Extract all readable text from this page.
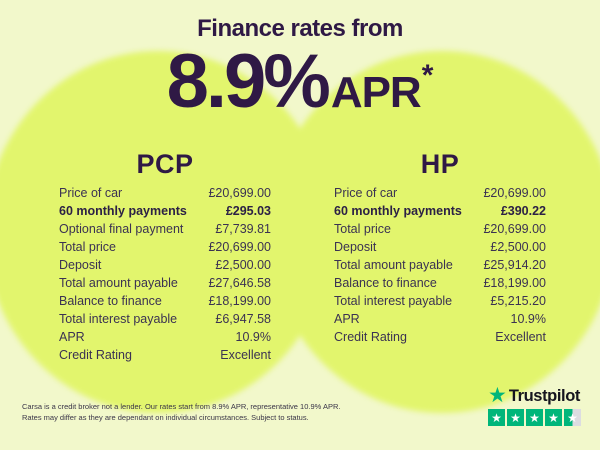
Finance rates from
8.9% APR *
PCP
Price of car	£20,699.00
60 monthly payments	£295.03
Optional final payment	£7,739.81
Total price	£20,699.00
Deposit	£2,500.00
Total amount payable £27,646.58
Balance to finance	£18,199.00
Total interest payable	£6,947.58
APR	10.9%
Credit Rating	Excellent
HP
Price of car	£20,699.00
60 monthly payments	£390.22
Total price	£20,699.00
Deposit	£2,500.00
Total amount payable £25,914.20
Balance to finance	£18,199.00
Total interest payable	£5,215.20
APR	10.9%
Credit Rating	Excellent
Carsa is a credit broker not a lender. Our rates start from 8.9% APR, representative 10.9% APR.
Rates may differ as they are dependant on individual circumstances. Subject to status.
★ Trustpilot
★ ★ ★ ★ ★
